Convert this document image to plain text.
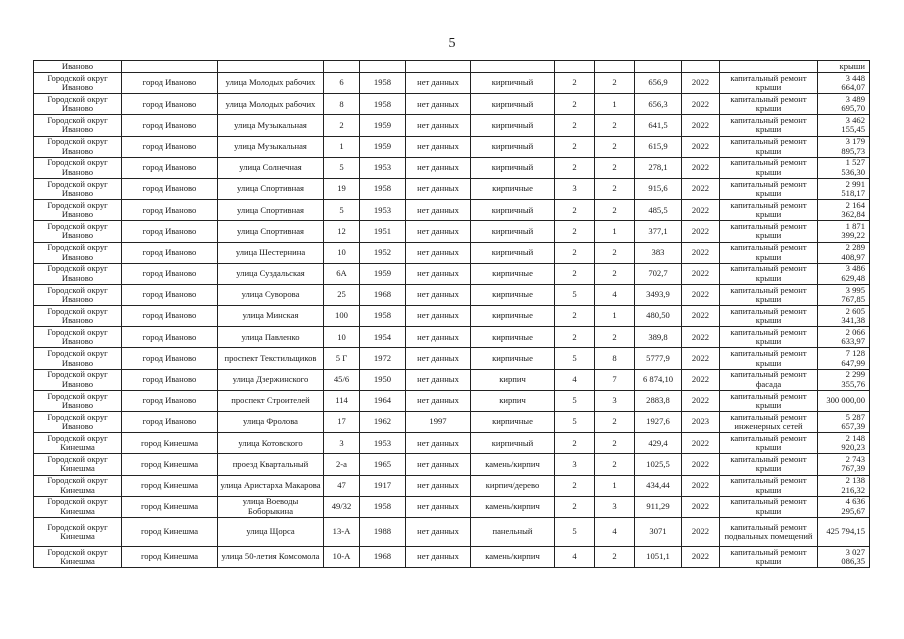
5
Иваново												крыши
Городской округ Иваново	город Иваново	улица Молодых рабочих	6	1958	нет данных	кирпичный	2	2	656,9	2022	капитальный ремонт крыши	3 448 664,07
Городской округ Иваново	город Иваново	улица Молодых рабочих	8	1958	нет данных	кирпичный	2	1	656,3	2022	капитальный ремонт крыши	3 489 695,70
Городской округ Иваново	город Иваново	улица Музыкальная	2	1959	нет данных	кирпичный	2	2	641,5	2022	капитальный ремонт крыши	3 462 155,45
Городской округ Иваново	город Иваново	улица Музыкальная	1	1959	нет данных	кирпичный	2	2	615,9	2022	капитальный ремонт крыши	3 179 895,73
Городской округ Иваново	город Иваново	улица Солнечная	5	1953	нет данных	кирпичный	2	2	278,1	2022	капитальный ремонт крыши	1 527 536,30
Городской округ Иваново	город Иваново	улица Спортивная	19	1958	нет данных	кирпичные	3	2	915,6	2022	капитальный ремонт крыши	2 991 518,17
Городской округ Иваново	город Иваново	улица Спортивная	5	1953	нет данных	кирпичный	2	2	485,5	2022	капитальный ремонт крыши	2 164 362,84
Городской округ Иваново	город Иваново	улица Спортивная	12	1951	нет данных	кирпичный	2	1	377,1	2022	капитальный ремонт крыши	1 871 399,22
Городской округ Иваново	город Иваново	улица Шестернина	10	1952	нет данных	кирпичный	2	2	383	2022	капитальный ремонт крыши	2 289 408,97
Городской округ Иваново	город Иваново	улица Суздальская	6А	1959	нет данных	кирпичные	2	2	702,7	2022	капитальный ремонт крыши	3 486 629,48
Городской округ Иваново	город Иваново	улица Суворова	25	1968	нет данных	кирпичные	5	4	3493,9	2022	капитальный ремонт крыши	3 995 767,85
Городской округ Иваново	город Иваново	улица Минская	100	1958	нет данных	кирпичные	2	1	480,50	2022	капитальный ремонт крыши	2 605 341,38
Городской округ Иваново	город Иваново	улица Павленко	10	1954	нет данных	кирпичные	2	2	389,8	2022	капитальный ремонт крыши	2 066 633,97
Городской округ Иваново	город Иваново	проспект Текстильщиков	5 Г	1972	нет данных	кирпичные	5	8	5777,9	2022	капитальный ремонт крыши	7 128 647,99
Городской округ Иваново	город Иваново	улица Дзержинского	45/6	1950	нет данных	кирпич	4	7	6 874,10	2022	капитальный ремонт фасада	2 299 355,76
Городской округ Иваново	город Иваново	проспект Строителей	114	1964	нет данных	кирпич	5	3	2883,8	2022	капитальный ремонт крыши	300 000,00
Городской округ Иваново	город Иваново	улица Фролова	17	1962	1997	кирпичные	5	2	1927,6	2023	капитальный ремонт инженерных сетей	5 287 657,39
Городской округ Кинешма	город Кинешма	улица Котовского	3	1953	нет данных	кирпичный	2	2	429,4	2022	капитальный ремонт крыши	2 148 920,23
Городской округ Кинешма	город Кинешма	проезд Квартальный	2-а	1965	нет данных	камень/кирпич	3	2	1025,5	2022	капитальный ремонт крыши	2 743 767,39
Городской округ Кинешма	город Кинешма	улица Аристарха Макарова	47	1917	нет данных	кирпич/дерево	2	1	434,44	2022	капитальный ремонт крыши	2 138 216,32
Городской округ Кинешма	город Кинешма	улица Воеводы Боборыкина	49/32	1958	нет данных	камень/кирпич	2	3	911,29	2022	капитальный ремонт крыши	4 636 295,67
Городской округ Кинешма	город Кинешма	улица Щорса	13-А	1988	нет данных	панельный	5	4	3071	2022	капитальный ремонт подвальных помещений	425 794,15
Городской округ Кинешма	город Кинешма	улица 50-летия Комсомола	10-А	1968	нет данных	камень/кирпич	4	2	1051,1	2022	капитальный ремонт крыши	3 027 086,35
